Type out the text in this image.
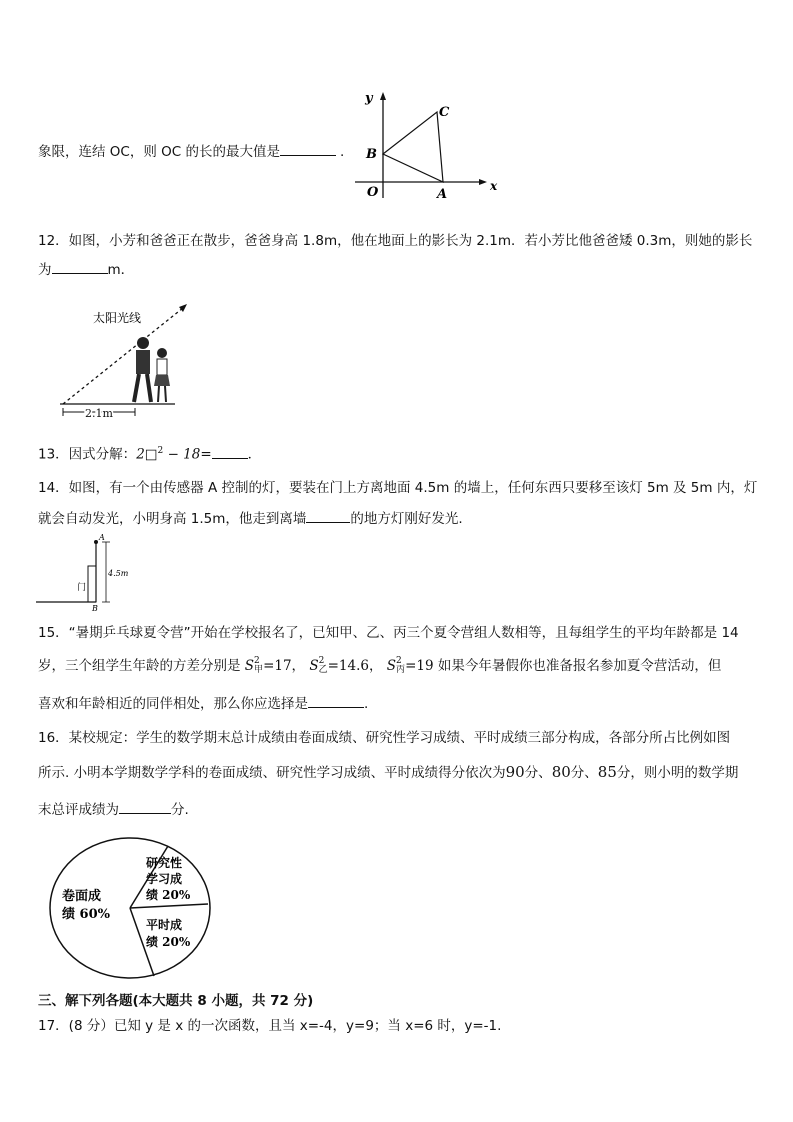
象限，连结 OC，则 OC 的长的最大值是	.
y
x
O	A
B
C
12．如图，小芳和爸爸正在散步，爸爸身高 1.8m，他在地面上的影长为 2.1m．若小芳比他爸爸矮 0.3m，则她的影长
为	m．
太阳光线
2.1m
13．因式分解：2□$^2$ − 18=	．
14．如图，有一个由传感器 A 控制的灯，要装在门上方离地面 4.5m 的墙上，任何东西只要移至该灯 5m 及 5m 内，灯
就会自动发光，小明身高 1.5m，他走到离墙	的地方灯刚好发光.
A
B
4.5m
门
15．“暑期乒乓球夏令营”开始在学校报名了，已知甲、乙、丙三个夏令营组人数相等，且每组学生的平均年龄都是 14
岁，三个组学生年龄的方差分别是 S 2
甲 =17， S 2
乙 =14.6， S 2
丙 =19 如果今年暑假你也准备报名参加夏令营活动，但
喜欢和年龄相近的同伴相处，那么你应选择是	.
16．某校规定：学生的数学期末总计成绩由卷面成绩、研究性学习成绩、平时成绩三部分构成，各部分所占比例如图
所示. 小明本学期数学学科的卷面成绩、研究性学习成绩、平时成绩得分依次为90分、80分、85分，则小明的数学期
末总评成绩为	分.
卷面成
绩 60%
研究性
学习成
绩 20%
平时成
绩 20%
三、解下列各题(本大题共 8 小题，共 72 分)
17．(8 分）已知 y 是 x 的一次函数，且当 x=-4，y=9；当 x=6 时，y=-1.
